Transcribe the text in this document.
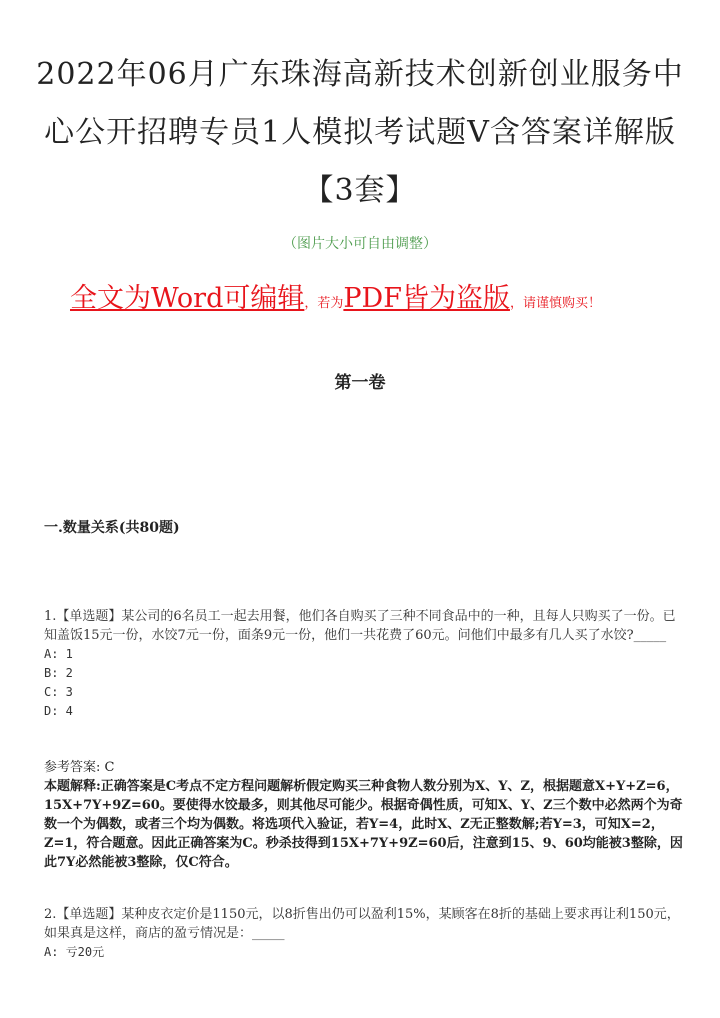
2022年06月广东珠海高新技术创新创业服务中心公开招聘专员1人模拟考试题V含答案详解版【3套】
（图片大小可自由调整）
全文为Word可编辑，若为PDF皆为盗版，请谨慎购买！
第一卷
一.数量关系(共80题)
1.【单选题】某公司的6名员工一起去用餐，他们各自购买了三种不同食品中的一种，且每人只购买了一份。已知盖饭15元一份，水饺7元一份，面条9元一份，他们一共花费了60元。问他们中最多有几人买了水饺?_____
A: 1
B: 2
C: 3
D: 4
参考答案: C
本题解释:正确答案是C考点不定方程问题解析假定购买三种食物人数分别为X、Y、Z，根据题意X+Y+Z=6，15X+7Y+9Z=60。要使得水饺最多，则其他尽可能少。根据奇偶性质，可知X、Y、Z三个数中必然两个为奇数一个为偶数，或者三个均为偶数。将选项代入验证，若Y=4，此时X、Z无正整数解;若Y=3，可知X=2，Z=1，符合题意。因此正确答案为C。秒杀技得到15X+7Y+9Z=60后，注意到15、9、60均能被3整除，因此7Y必然能被3整除，仅C符合。
2.【单选题】某种皮衣定价是1150元，以8折售出仍可以盈利15%，某顾客在8折的基础上要求再让利150元，如果真是这样，商店的盈亏情况是：_____
A: 亏20元
